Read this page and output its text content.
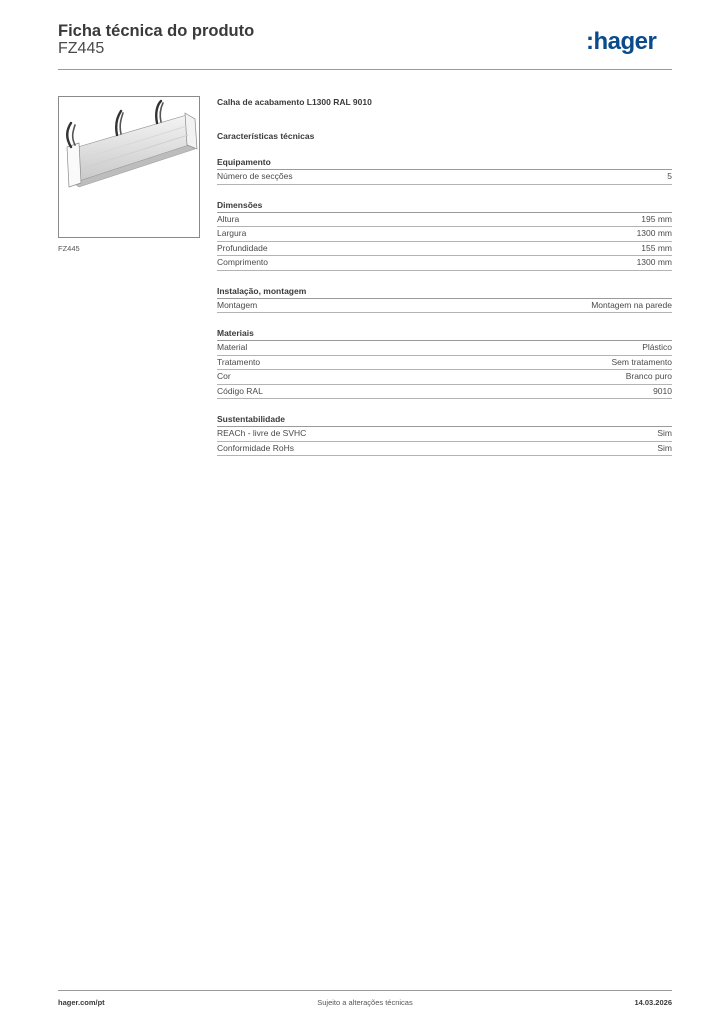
Ficha técnica do produto
FZ445	:hager
FZ445
Calha de acabamento L1300 RAL 9010
Características técnicas
Equipamento
Número de secções	5
Dimensões
Altura	195 mm
Largura	1300 mm
Profundidade	155 mm
Comprimento	1300 mm
Instalação, montagem
Montagem	Montagem na parede
Materiais
Material	Plástico
Tratamento	Sem tratamento
Cor	Branco puro
Código RAL	9010
Sustentabilidade
REACh - livre de SVHC	Sim
Conformidade RoHs	Sim
hager.com/pt	Sujeito a alterações técnicas	14.03.2026
